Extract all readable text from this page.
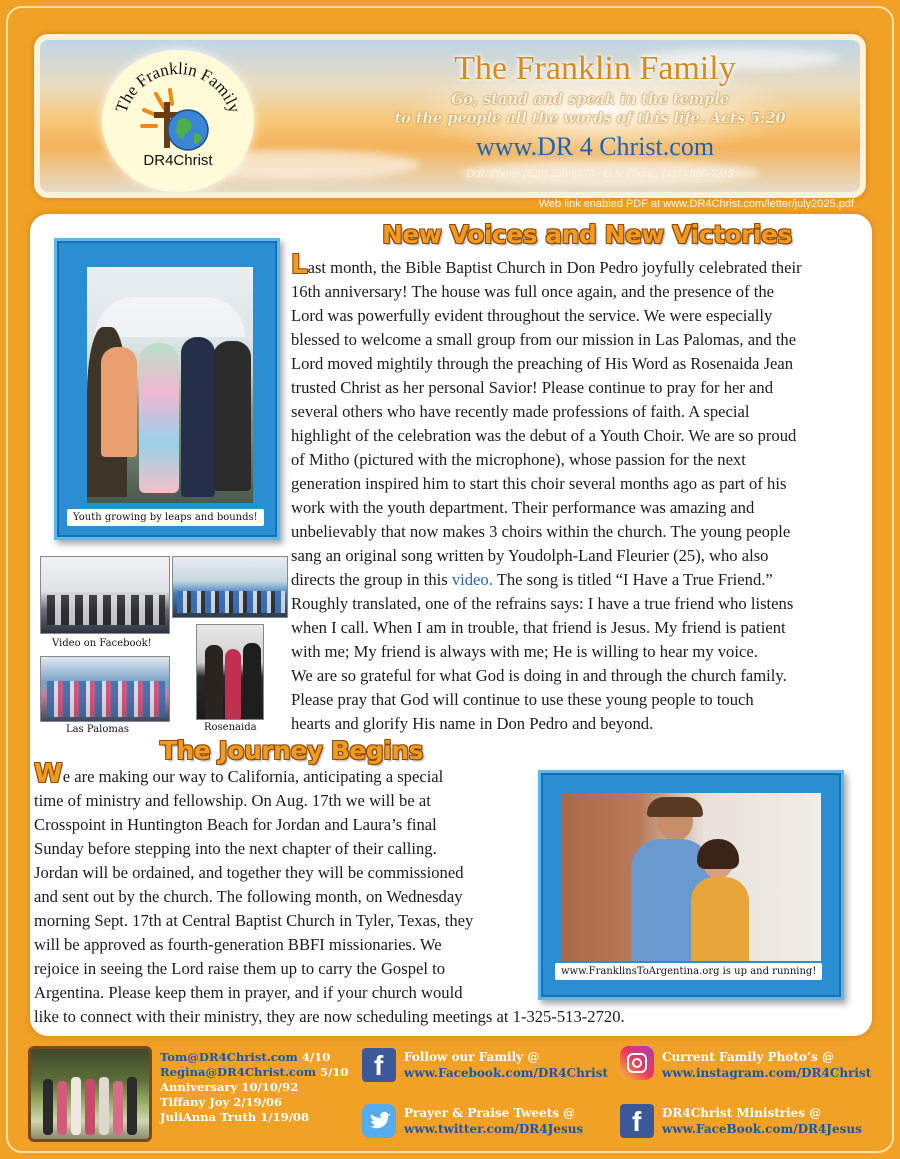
The Franklin Family
DR4Christ
The Franklin Family
Go, stand and speak in the temple
to the people all the words of this life. Acts 5:20
www.DR 4 Christ.com
D.R. Phone (829) 259-6570 / U.S. Phone: (417) 860-7315
Web link enabled PDF at www.DR4Christ.com/letter/july2025.pdf
New Voices and New Victories
Youth growing by leaps and bounds!
Video on Facebook!
Las Palomas	Rosenaida
Last month, the Bible Baptist Church in Don Pedro joyfully celebrated their
16th anniversary! The house was full once again, and the presence of the
Lord was powerfully evident throughout the service. We were especially
blessed to welcome a small group from our mission in Las Palomas, and the
Lord moved mightily through the preaching of His Word as Rosenaida Jean
trusted Christ as her personal Savior! Please continue to pray for her and
several others who have recently made professions of faith. A special
highlight of the celebration was the debut of a Youth Choir. We are so proud
of Mitho (pictured with the microphone), whose passion for the next
generation inspired him to start this choir several months ago as part of his
work with the youth department. Their performance was amazing and
unbelievably that now makes 3 choirs within the church. The young people
sang an original song written by Youdolph-Land Fleurier (25), who also
directs the group in this video. The song is titled “I Have a True Friend.”
Roughly translated, one of the refrains says: I have a true friend who listens
when I call. When I am in trouble, that friend is Jesus. My friend is patient
with me; My friend is always with me; He is willing to hear my voice.
We are so grateful for what God is doing in and through the church family.
Please pray that God will continue to use these young people to touch
hearts and glorify His name in Don Pedro and beyond.
The Journey Begins
We are making our way to California, anticipating a special
time of ministry and fellowship. On Aug. 17th we will be at
Crosspoint in Huntington Beach for Jordan and Laura’s final
Sunday before stepping into the next chapter of their calling.
Jordan will be ordained, and together they will be commissioned
and sent out by the church. The following month, on Wednesday
morning Sept. 17th at Central Baptist Church in Tyler, Texas, they
will be approved as fourth-generation BBFI missionaries. We
rejoice in seeing the Lord raise them up to carry the Gospel to
Argentina. Please keep them in prayer, and if your church would
like to connect with their ministry, they are now scheduling meetings at 1-325-513-2720.
www.FranklinsToArgentina.org is up and running!
Tom@DR4Christ.com 4/10
Regina@DR4Christ.com 5/10
Anniversary 10/10/92
Tiffany Joy 2/19/06
JuliAnna Truth 1/19/08
f Follow our Family @
www.Facebook.com/DR4Christ
Prayer & Praise Tweets @
www.twitter.com/DR4Jesus
Current Family Photo’s @
www.instagram.com/DR4Christ
f DR4Christ Ministries @
www.FaceBook.com/DR4Jesus
